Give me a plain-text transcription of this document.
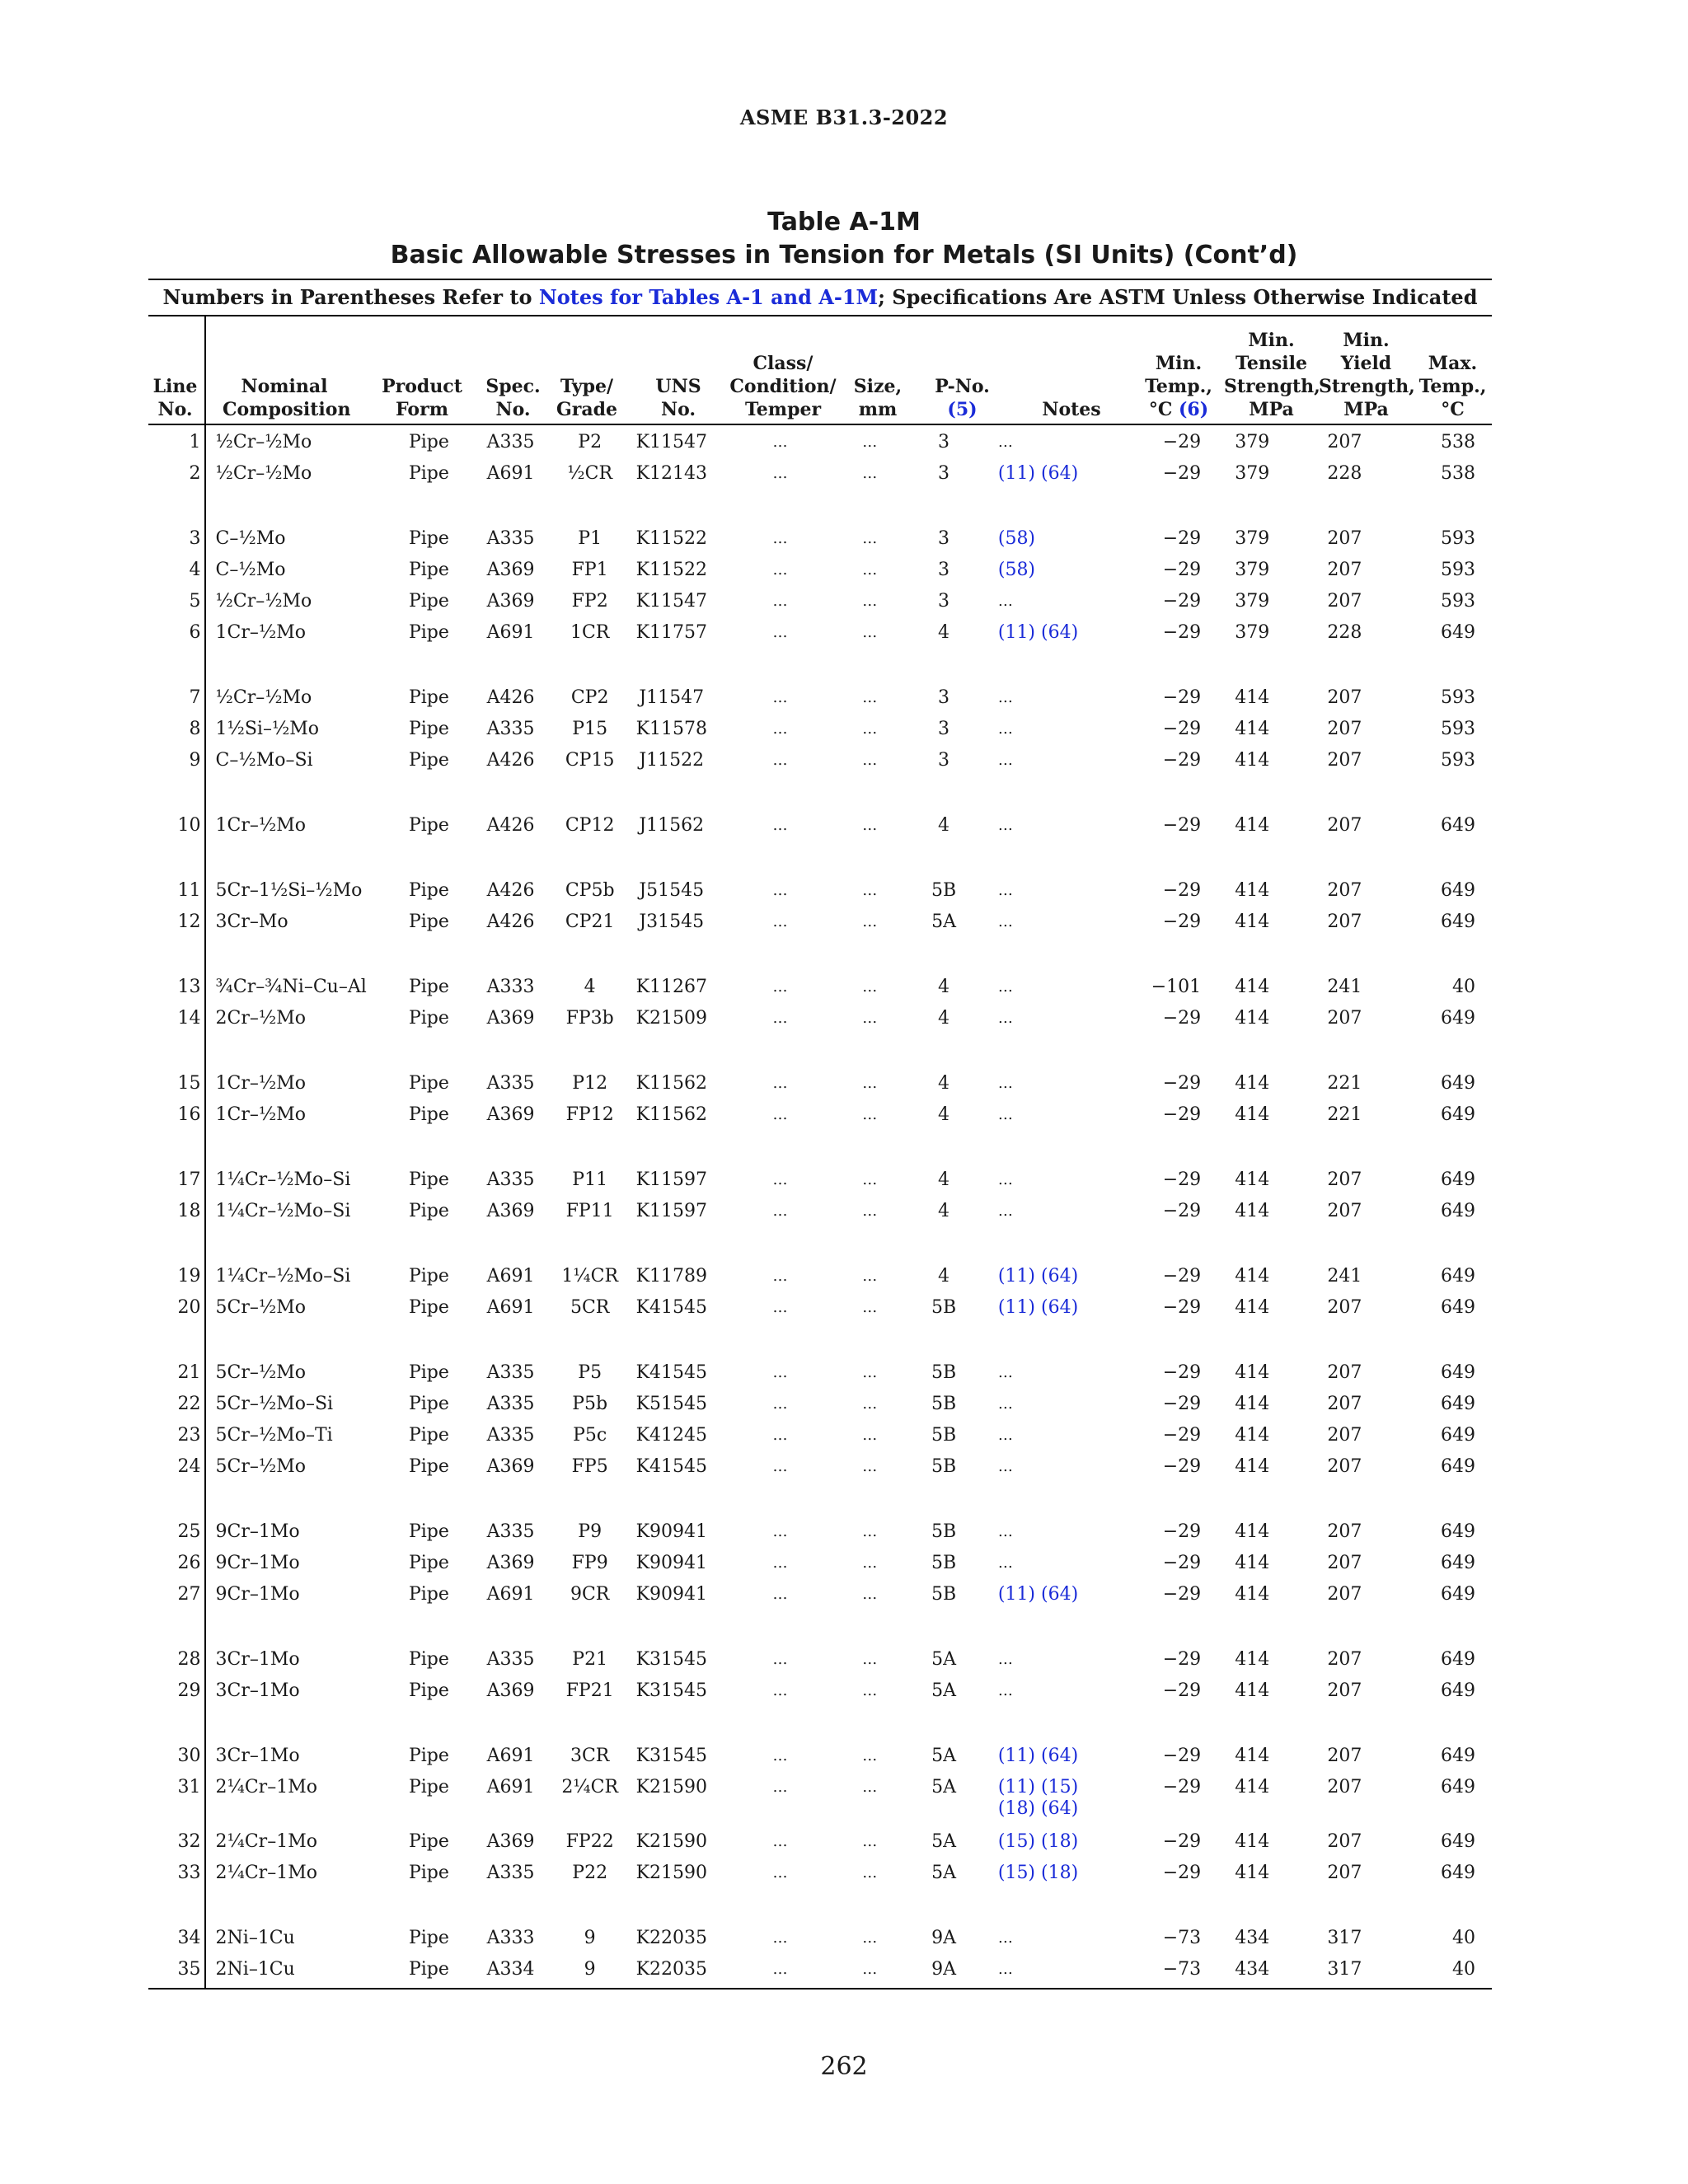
ASME B31.3-2022
Table A-1M
Basic Allowable Stresses in Tension for Metals (SI Units) (Cont’d)
Numbers in Parentheses Refer to Notes for Tables A-1 and A-1M; Specifications Are ASTM Unless Otherwise Indicated
Line
No.
Nominal
Composition
Product
Form
Spec.
No.
Type/
Grade
UNS
No.
Class/
Condition/
Temper
Size,
mm
P-No.
(5)	Notes
Min.
Temp.,
°C (6)
Min.
Tensile
Strength,
MPa
Min.
Yield
Strength,
MPa
Max.
Temp.,
°C
1	½Cr–½Mo	Pipe	A335	P2	K11547	…	…	3	…	−29	379	207	538
2	½Cr–½Mo	Pipe	A691	½CR	K12143	…	…	3	(11) (64)	−29	379	228	538

3	C–½Mo	Pipe	A335	P1	K11522	…	…	3	(58)	−29	379	207	593
4	C–½Mo	Pipe	A369	FP1	K11522	…	…	3	(58)	−29	379	207	593
5	½Cr–½Mo	Pipe	A369	FP2	K11547	…	…	3	…	−29	379	207	593
6	1Cr–½Mo	Pipe	A691	1CR	K11757	…	…	4	(11) (64)	−29	379	228	649

7	½Cr–½Mo	Pipe	A426	CP2	J11547	…	…	3	…	−29	414	207	593
8	1½Si–½Mo	Pipe	A335	P15	K11578	…	…	3	…	−29	414	207	593
9	C–½Mo–Si	Pipe	A426	CP15	J11522	…	…	3	…	−29	414	207	593

10	1Cr–½Mo	Pipe	A426	CP12	J11562	…	…	4	…	−29	414	207	649

11	5Cr–1½Si–½Mo	Pipe	A426	CP5b	J51545	…	…	5B	…	−29	414	207	649
12	3Cr–Mo	Pipe	A426	CP21	J31545	…	…	5A	…	−29	414	207	649

13	¾Cr–¾Ni–Cu–Al	Pipe	A333	4	K11267	…	…	4	…	−101	414	241	40
14	2Cr–½Mo	Pipe	A369	FP3b	K21509	…	…	4	…	−29	414	207	649

15	1Cr–½Mo	Pipe	A335	P12	K11562	…	…	4	…	−29	414	221	649
16	1Cr–½Mo	Pipe	A369	FP12	K11562	…	…	4	…	−29	414	221	649

17	1¼Cr–½Mo–Si	Pipe	A335	P11	K11597	…	…	4	…	−29	414	207	649
18	1¼Cr–½Mo–Si	Pipe	A369	FP11	K11597	…	…	4	…	−29	414	207	649

19	1¼Cr–½Mo–Si	Pipe	A691	1¼CR	K11789	…	…	4	(11) (64)	−29	414	241	649
20	5Cr–½Mo	Pipe	A691	5CR	K41545	…	…	5B	(11) (64)	−29	414	207	649

21	5Cr–½Mo	Pipe	A335	P5	K41545	…	…	5B	…	−29	414	207	649
22	5Cr–½Mo–Si	Pipe	A335	P5b	K51545	…	…	5B	…	−29	414	207	649
23	5Cr–½Mo–Ti	Pipe	A335	P5c	K41245	…	…	5B	…	−29	414	207	649
24	5Cr–½Mo	Pipe	A369	FP5	K41545	…	…	5B	…	−29	414	207	649

25	9Cr–1Mo	Pipe	A335	P9	K90941	…	…	5B	…	−29	414	207	649
26	9Cr–1Mo	Pipe	A369	FP9	K90941	…	…	5B	…	−29	414	207	649
27	9Cr–1Mo	Pipe	A691	9CR	K90941	…	…	5B	(11) (64)	−29	414	207	649

28	3Cr–1Mo	Pipe	A335	P21	K31545	…	…	5A	…	−29	414	207	649
29	3Cr–1Mo	Pipe	A369	FP21	K31545	…	…	5A	…	−29	414	207	649

30	3Cr–1Mo	Pipe	A691	3CR	K31545	…	…	5A	(11) (64)	−29	414	207	649
31	2¼Cr–1Mo	Pipe	A691	2¼CR	K21590	…	…	5A	(11) (15) (18) (64)	−29	414	207	649
32	2¼Cr–1Mo	Pipe	A369	FP22	K21590	…	…	5A	(15) (18)	−29	414	207	649
33	2¼Cr–1Mo	Pipe	A335	P22	K21590	…	…	5A	(15) (18)	−29	414	207	649

34	2Ni–1Cu	Pipe	A333	9	K22035	…	…	9A	…	−73	434	317	40
35	2Ni–1Cu	Pipe	A334	9	K22035	…	…	9A	…	−73	434	317	40
262
